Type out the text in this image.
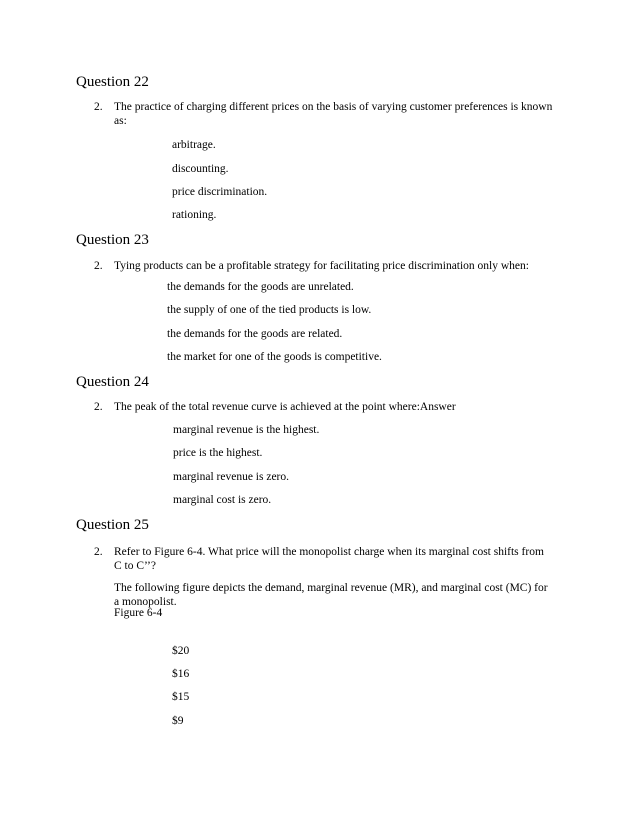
Question 22
2. The practice of charging different prices on the basis of varying customer preferences is known as:
arbitrage.
discounting.
price discrimination.
rationing.
Question 23
2. Tying products can be a profitable strategy for facilitating price discrimination only when:
the demands for the goods are unrelated.
the supply of one of the tied products is low.
the demands for the goods are related.
the market for one of the goods is competitive.
Question 24
2. The peak of the total revenue curve is achieved at the point where:Answer
marginal revenue is the highest.
price is the highest.
marginal revenue is zero.
marginal cost is zero.
Question 25
2. Refer to Figure 6-4. What price will the monopolist charge when its marginal cost shifts from C to C’’?
The following figure depicts the demand, marginal revenue (MR), and marginal cost (MC) for a monopolist.
Figure 6-4
$20
$16
$15
$9
